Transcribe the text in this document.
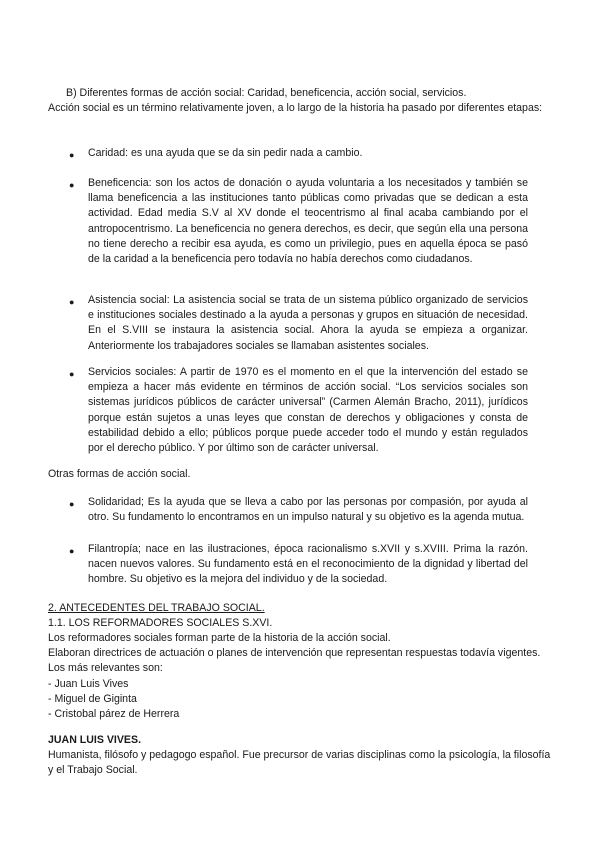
B) Diferentes formas de acción social: Caridad, beneficencia, acción social, servicios.
Acción social es un término relativamente joven, a lo largo de la historia ha pasado por diferentes etapas:
● Caridad: es una ayuda que se da sin pedir nada a cambio.
● Beneficencia: son los actos de donación o ayuda voluntaria a los necesitados y también se llama beneficencia a las instituciones tanto públicas como privadas que se dedican a esta actividad. Edad media S.V al XV donde el teocentrismo al final acaba cambiando por el antropocentrismo. La beneficencia no genera derechos, es decir, que según ella una persona no tiene derecho a recibir esa ayuda, es como un privilegio, pues en aquella época se pasó de la caridad a la beneficencia pero todavía no había derechos como ciudadanos.
● Asistencia social: La asistencia social se trata de un sistema público organizado de servicios e instituciones sociales destinado a la ayuda a personas y grupos en situación de necesidad. En el S.VIII se instaura la asistencia social. Ahora la ayuda se empieza a organizar. Anteriormente los trabajadores sociales se llamaban asistentes sociales.
● Servicios sociales: A partir de 1970 es el momento en el que la intervención del estado se empieza a hacer más evidente en términos de acción social. “Los servicios sociales son sistemas jurídicos públicos de carácter universal” (Carmen Alemán Bracho, 2011), jurídicos porque están sujetos a unas leyes que constan de derechos y obligaciones y consta de estabilidad debido a ello; públicos porque puede acceder todo el mundo y están regulados por el derecho público. Y por último son de carácter universal.
Otras formas de acción social.
● Solidaridad; Es la ayuda que se lleva a cabo por las personas por compasión, por ayuda al otro. Su fundamento lo encontramos en un impulso natural y su objetivo es la agenda mutua.
● Filantropía; nace en las ilustraciones, época racionalismo s.XVII y s.XVIII. Prima la razón. nacen nuevos valores. Su fundamento está en el reconocimiento de la dignidad y libertad del hombre. Su objetivo es la mejora del individuo y de la sociedad.
2. ANTECEDENTES DEL TRABAJO SOCIAL.
1.1. LOS REFORMADORES SOCIALES S.XVI.
Los reformadores sociales forman parte de la historia de la acción social.
Elaboran directrices de actuación o planes de intervención que representan respuestas todavía vigentes. Los más relevantes son:
- Juan Luis Vives
- Miguel de Giginta
- Cristobal párez de Herrera
JUAN LUIS VIVES.
Humanista, filósofo y pedagogo español. Fue precursor de varias disciplinas como la psicología, la filosofía y el Trabajo Social.
